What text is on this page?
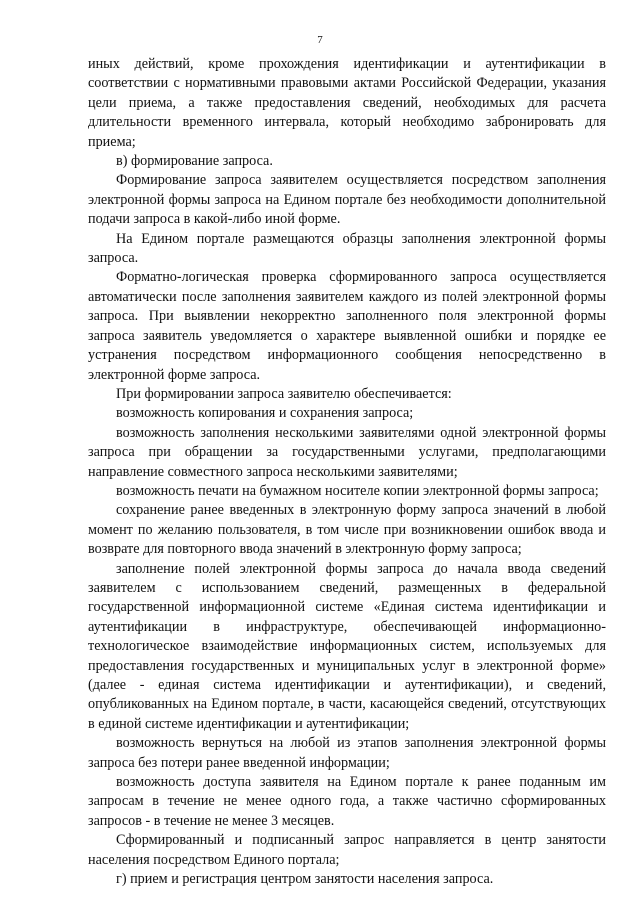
7

иных действий, кроме прохождения идентификации и аутентификации в соответствии с нормативными правовыми актами Российской Федерации, указания цели приема, а также предоставления сведений, необходимых для расчета длительности временного интервала, который необходимо забронировать для приема;

в) формирование запроса.

Формирование запроса заявителем осуществляется посредством заполнения электронной формы запроса на Едином портале без необходимости дополнительной подачи запроса в какой-либо иной форме.

На Едином портале размещаются образцы заполнения электронной формы запроса.

Форматно-логическая проверка сформированного запроса осуществляется автоматически после заполнения заявителем каждого из полей электронной формы запроса. При выявлении некорректно заполненного поля электронной формы запроса заявитель уведомляется о характере выявленной ошибки и порядке ее устранения посредством информационного сообщения непосредственно в электронной форме запроса.

При формировании запроса заявителю обеспечивается:

возможность копирования и сохранения запроса;

возможность заполнения несколькими заявителями одной электронной формы запроса при обращении за государственными услугами, предполагающими направление совместного запроса несколькими заявителями;

возможность печати на бумажном носителе копии электронной формы запроса;

сохранение ранее введенных в электронную форму запроса значений в любой момент по желанию пользователя, в том числе при возникновении ошибок ввода и возврате для повторного ввода значений в электронную форму запроса;

заполнение полей электронной формы запроса до начала ввода сведений заявителем с использованием сведений, размещенных в федеральной государственной информационной системе «Единая система идентификации и аутентификации в инфраструктуре, обеспечивающей информационно-технологическое взаимодействие информационных систем, используемых для предоставления государственных и муниципальных услуг в электронной форме» (далее - единая система идентификации и аутентификации), и сведений, опубликованных на Едином портале, в части, касающейся сведений, отсутствующих в единой системе идентификации и аутентификации;

возможность вернуться на любой из этапов заполнения электронной формы запроса без потери ранее введенной информации;

возможность доступа заявителя на Едином портале к ранее поданным им запросам в течение не менее одного года, а также частично сформированных запросов - в течение не менее 3 месяцев.

Сформированный и подписанный запрос направляется в центр занятости населения посредством Единого портала;

г) прием и регистрация центром занятости населения запроса.
